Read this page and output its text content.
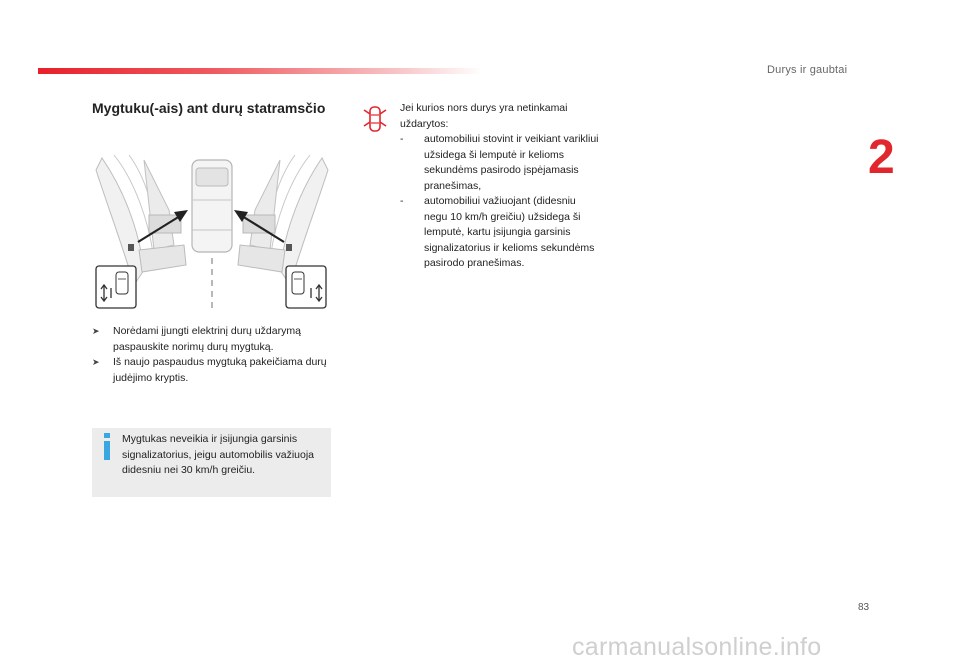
Durys ir gaubtai
2
Mygtuku(-ais) ant durų statramsčio

➤ Norėdami įjungti elektrinį durų uždarymą paspauskite norimų durų mygtuką.

➤ Iš naujo paspaudus mygtuką pakeičiama durų judėjimo kryptis.

Mygtukas neveikia ir įsijungia garsinis signalizatorius, jeigu automobilis važiuoja didesniu nei 30 km/h greičiu.

Jei kurios nors durys yra netinkamai uždarytos:

- automobiliui stovint ir veikiant varikliui užsidega ši lemputė ir kelioms sekundėms pasirodo įspėjamasis pranešimas,

- automobiliui važiuojant (didesniu negu 10 km/h greičiu) užsidega ši lemputė, kartu įsijungia garsinis signalizatorius ir kelioms sekundėms pasirodo pranešimas.

83
carmanualsonline.info
